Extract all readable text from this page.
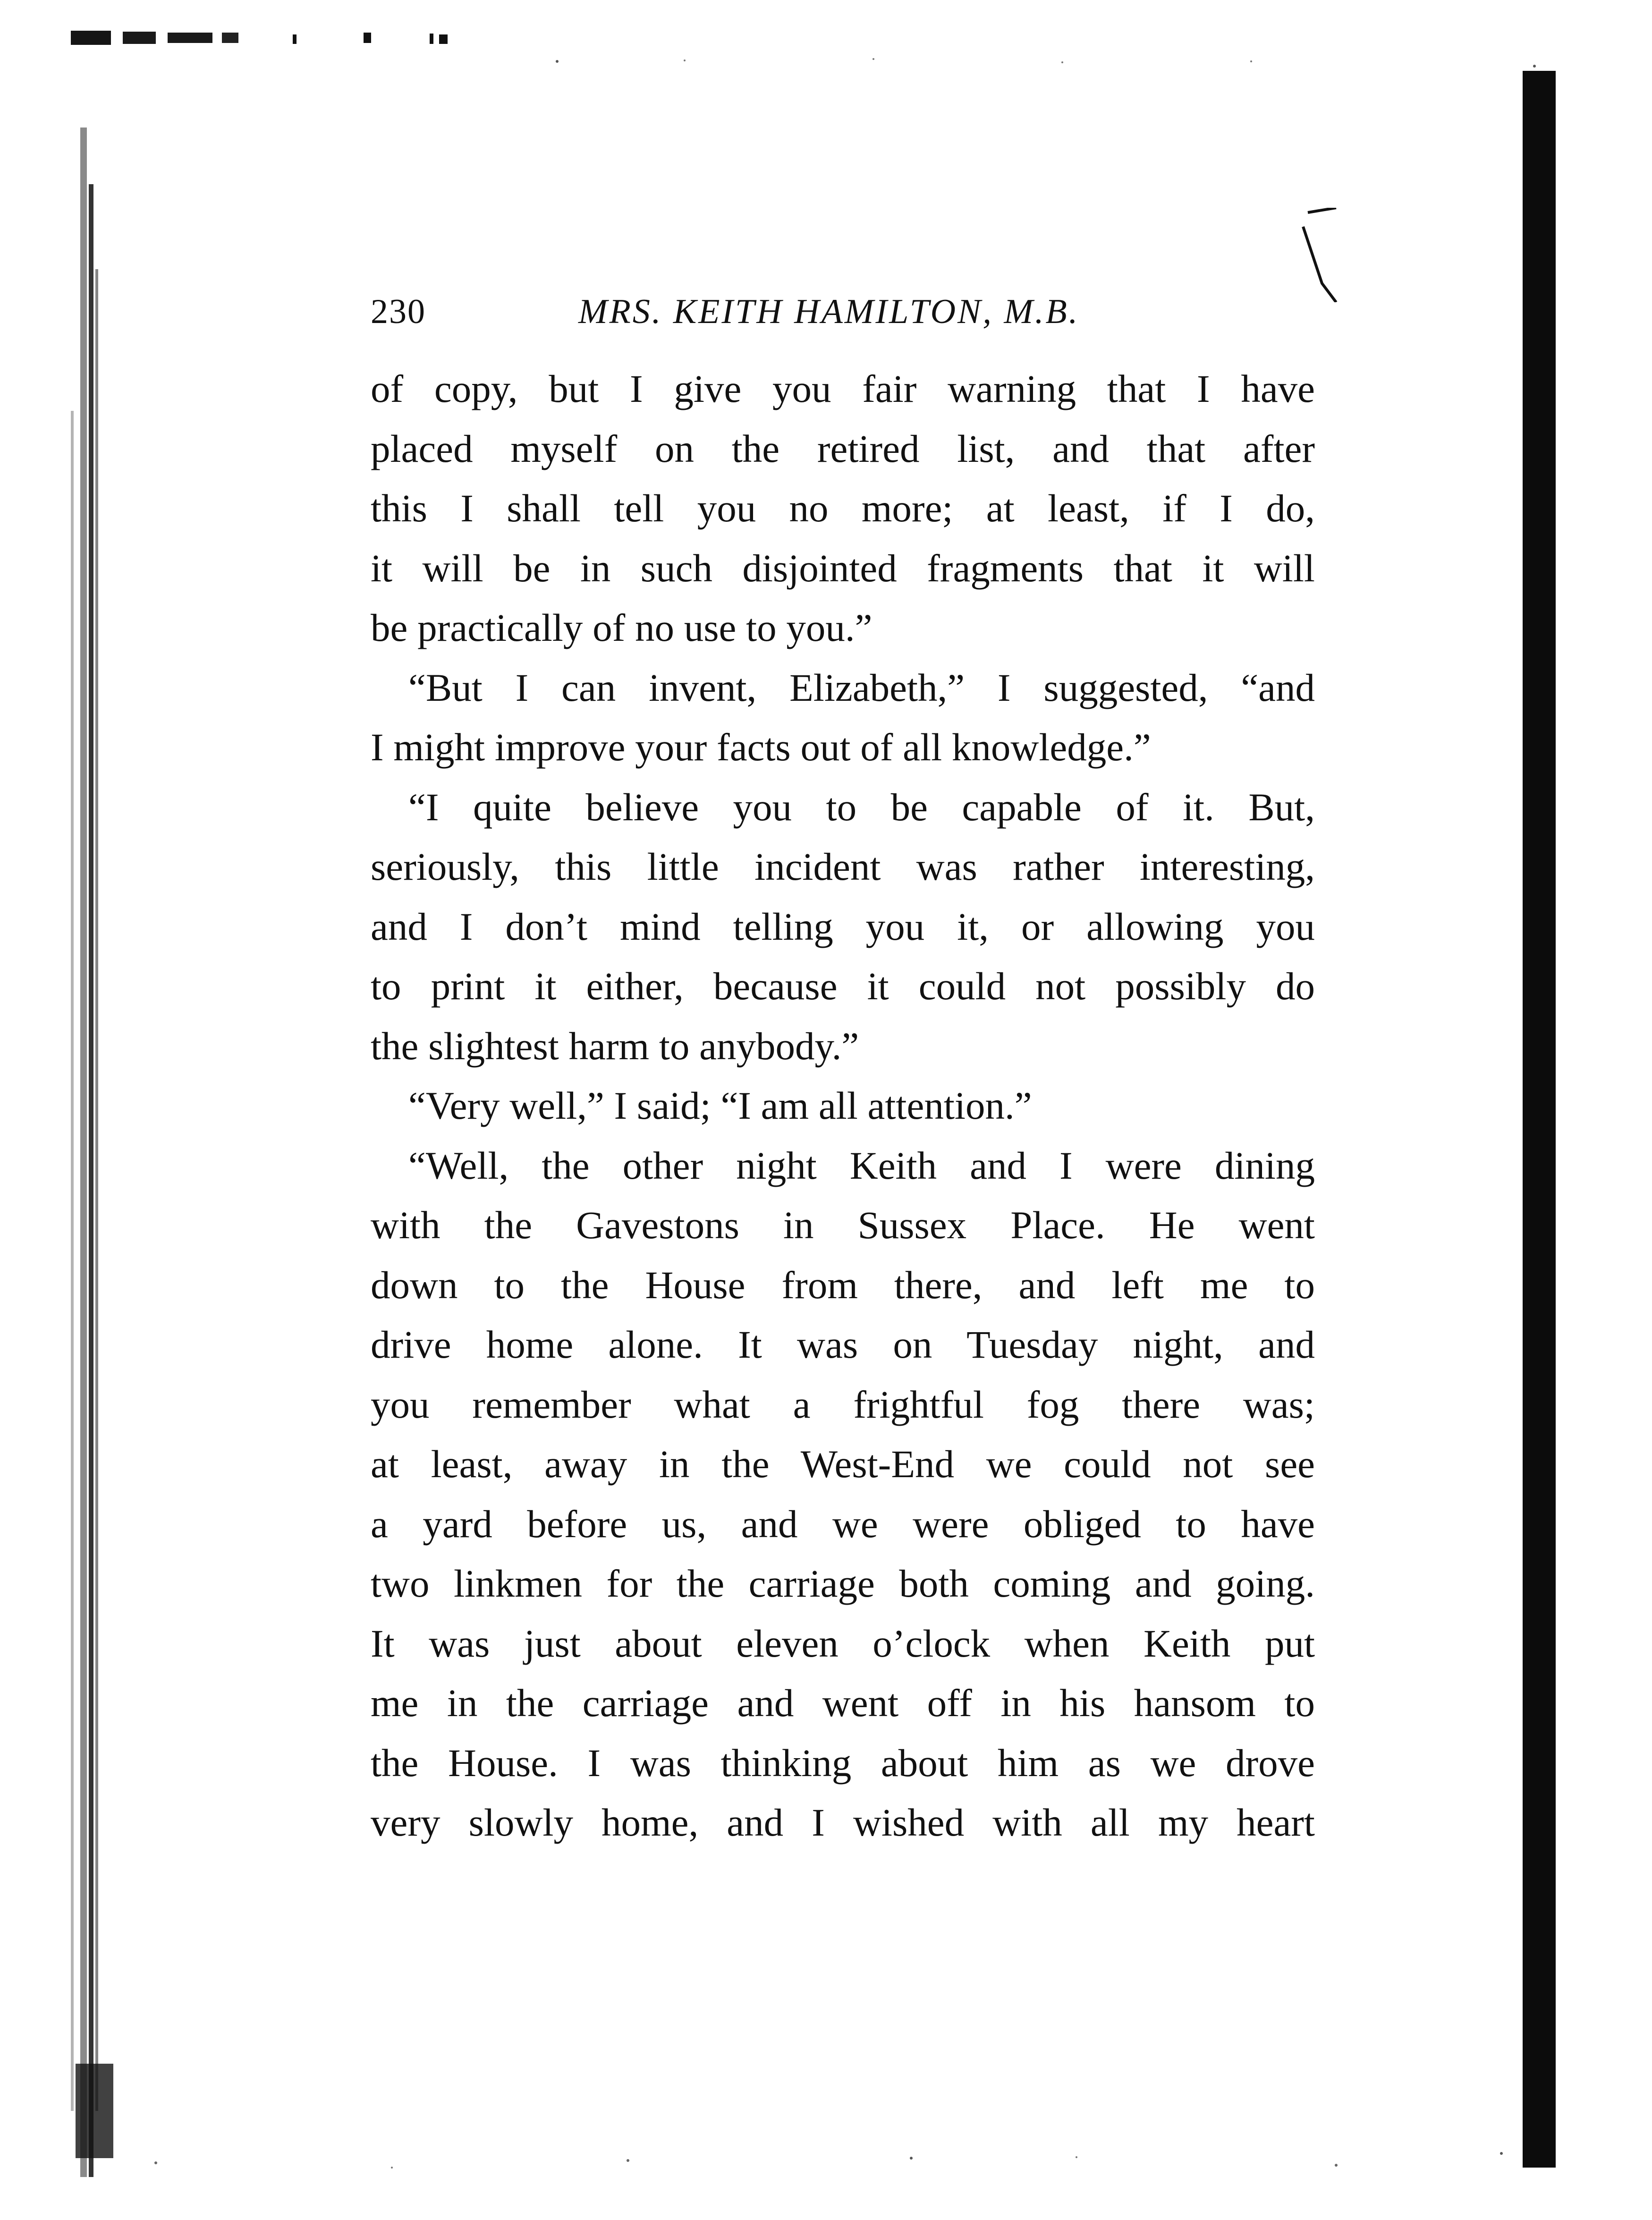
230	MRS. KEITH HAMILTON, M.B.
of copy, but I give you fair warning that I have
placed myself on the retired list, and that after
this I shall tell you no more; at least, if I do,
it will be in such disjointed fragments that it will
be practically of no use to you.”
“But I can invent, Elizabeth,” I suggested, “and
I might improve your facts out of all knowledge.”
“I quite believe you to be capable of it. But,
seriously, this little incident was rather interesting,
and I don’t mind telling you it, or allowing you
to print it either, because it could not possibly do
the slightest harm to anybody.”
“Very well,” I said; “I am all attention.”
“Well, the other night Keith and I were dining
with the Gavestons in Sussex Place. He went
down to the House from there, and left me to
drive home alone. It was on Tuesday night, and
you remember what a frightful fog there was;
at least, away in the West-End we could not see
a yard before us, and we were obliged to have
two linkmen for the carriage both coming and going.
It was just about eleven o’clock when Keith put
me in the carriage and went off in his hansom to
the House. I was thinking about him as we drove
very slowly home, and I wished with all my heart
